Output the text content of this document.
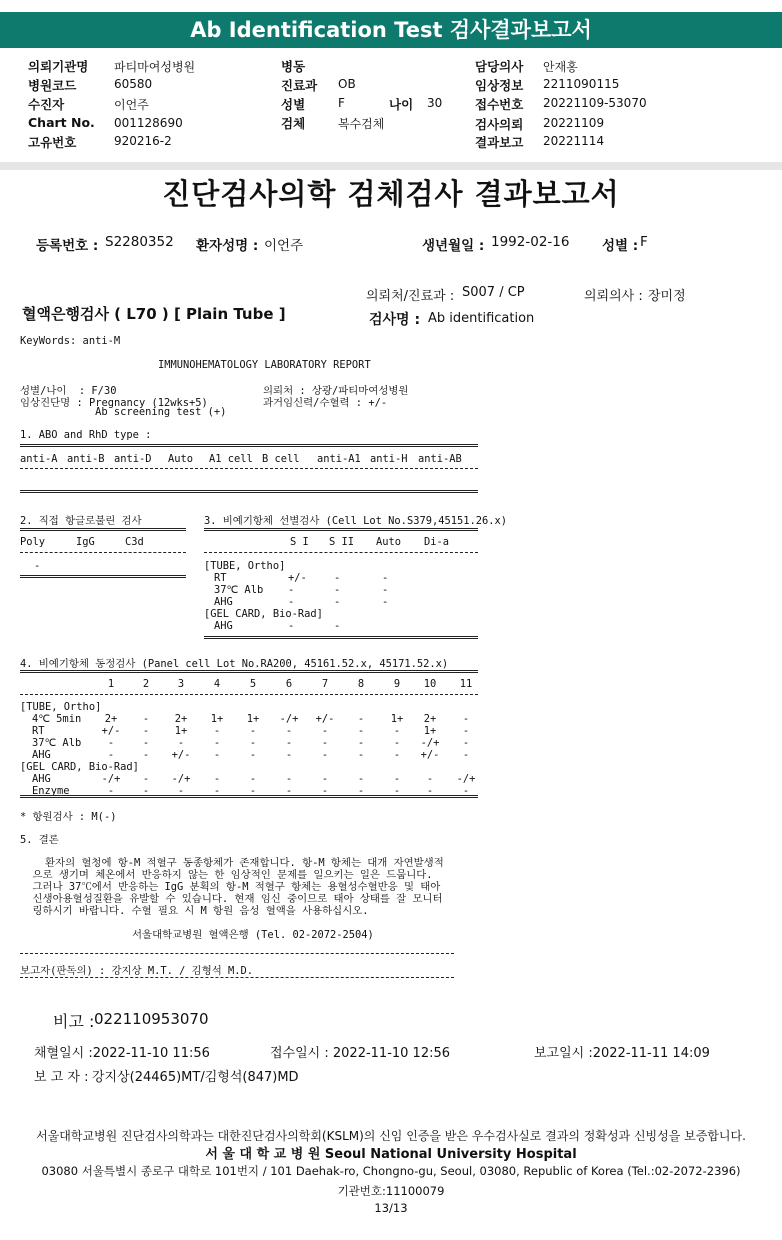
Ab Identification Test 검사결과보고서
의뢰기관명 파티마여성병원
병원코드	60580
수진자	이언주
Chart No. 001128690
고유번호	920216-2
병동
진료과 OB
성별	F	나이 30
검체	복수검체
담당의사 안재홍
임상정보 2211090115
접수번호 20221109-53070
검사의뢰 20221109
결과보고 20221114
진단검사의학 검체검사 결과보고서
등록번호 : S2280352 환자성명 : 이언주	생년월일 : 1992-02-16 성별 : F
의뢰처/진료과 : S007 / CP	의뢰의사 : 장미정
혈액은행검사 ( L70 ) [ Plain Tube ]	검사명 : Ab identification
KeyWords: anti-M
IMMUNOHEMATOLOGY LABORATORY REPORT
성별/나이  : F/30
임상진단명 : Pregnancy (12wks+5)
Ab screening test (+)
의뢰처 : 상광/파티마여성병원
과거임신력/수혈력 : +/-
1. ABO and RhD type :
anti-A anti-B anti-D Auto A1 cell B cell anti-A1 anti-H anti-AB
2. 직접 항글로불린 검사
Poly	IgG	C3d
-
3. 비예기항체 선별검사 (Cell Lot No.S379,45151.26.x)
S I S II Auto Di-a
[TUBE, Ortho]
RT	+/-	-	-
37℃ Alb -	-	-
AHG	-	-	-
[GEL CARD, Bio-Rad]
AHG	-	-
4. 비예기항체 동정검사 (Panel cell Lot No.RA200, 45161.52.x, 45171.52.x)
1	2	3	4	5	6	7	8	9 10 11
[TUBE, Ortho]
4℃ 5min 2+ - 2+ 1+ 1+ -/+ +/- -	1+ 2+	-
RT	+/- - 1+	-	-	-	-	-	- 1+	-
37℃ Alb	-	-	-	-	-	-	-	-	- -/+ -
AHG	-	- +/- -	-	-	-	-	- +/- -
[GEL CARD, Bio-Rad]
AHG	-/+ - -/+ -	-	-	-	-	-	- -/+
Enzyme	-	-	-	-	-	-	-	-	-	-	-
* 항원검사 : M(-)
5. 결론
환자의 혈청에 항-M 적혈구 동종항체가 존재합니다. 항-M 항체는 대개 자연발생적
으로 생기며 체온에서 반응하지 않는 한 임상적인 문제를 일으키는 일은 드뭅니다.
그러나 37℃에서 반응하는 IgG 분획의 항-M 적혈구 항체는 용혈성수혈반응 및 태아
신생아용혈성질환을 유발할 수 있습니다. 현재 임신 중이므로 태아 상태를 잘 모니터
링하시기 바랍니다. 수혈 필요 시 M 항원 음성 혈액을 사용하십시오.
서울대학교병원 혈액은행 (Tel. 02-2072-2504)
보고자(판독의) : 강지상 M.T. / 김형석 M.D.
비고 : 022110953070
채혈일시 :2022-11-10 11:56	접수일시 : 2022-11-10 12:56	보고일시 :2022-11-11 14:09
보 고 자 : 강지상(24465)MT/김형석(847)MD
서울대학교병원 진단검사의학과는 대한진단검사의학회(KSLM)의 신임 인증을 받은 우수검사실로 결과의 정확성과 신빙성을 보증합니다.
서 울 대 학 교 병 원 Seoul National University Hospital
03080 서울특별시 종로구 대학로 101번지 / 101 Daehak-ro, Chongno-gu, Seoul, 03080, Republic of Korea (Tel.:02-2072-2396)
기관번호:11100079
13/13
